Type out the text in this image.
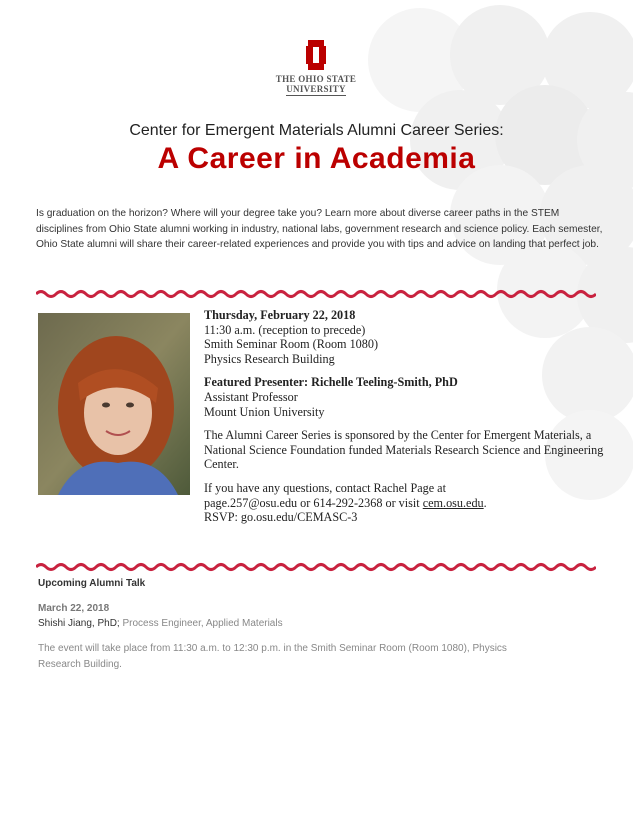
THE OHIO STATE
UNIVERSITY
Center for Emergent Materials Alumni Career Series:
A Career in Academia
Is graduation on the horizon? Where will your degree take you? Learn more about diverse career paths in the STEM disciplines from Ohio State alumni working in industry, national labs, government research and science policy. Each semester, Ohio State alumni will share their career-related experiences and provide you with tips and advice on landing that perfect job.

Thursday, February 22, 2018
11:30 a.m. (reception to precede)
Smith Seminar Room (Room 1080)
Physics Research Building

Featured Presenter: Richelle Teeling-Smith, PhD
Assistant Professor
Mount Union University

The Alumni Career Series is sponsored by the Center for Emergent Materials, a National Science Foundation funded Materials Research Science and Engineering Center.

If you have any questions, contact Rachel Page at
page.257@osu.edu or 614-292-2368 or visit cem.osu.edu.
RSVP: go.osu.edu/CEMASC-3

Upcoming Alumni Talk
March 22, 2018
Shishi Jiang, PhD; Process Engineer, Applied Materials
The event will take place from 11:30 a.m. to 12:30 p.m. in the Smith Seminar Room (Room 1080), Physics Research Building.
